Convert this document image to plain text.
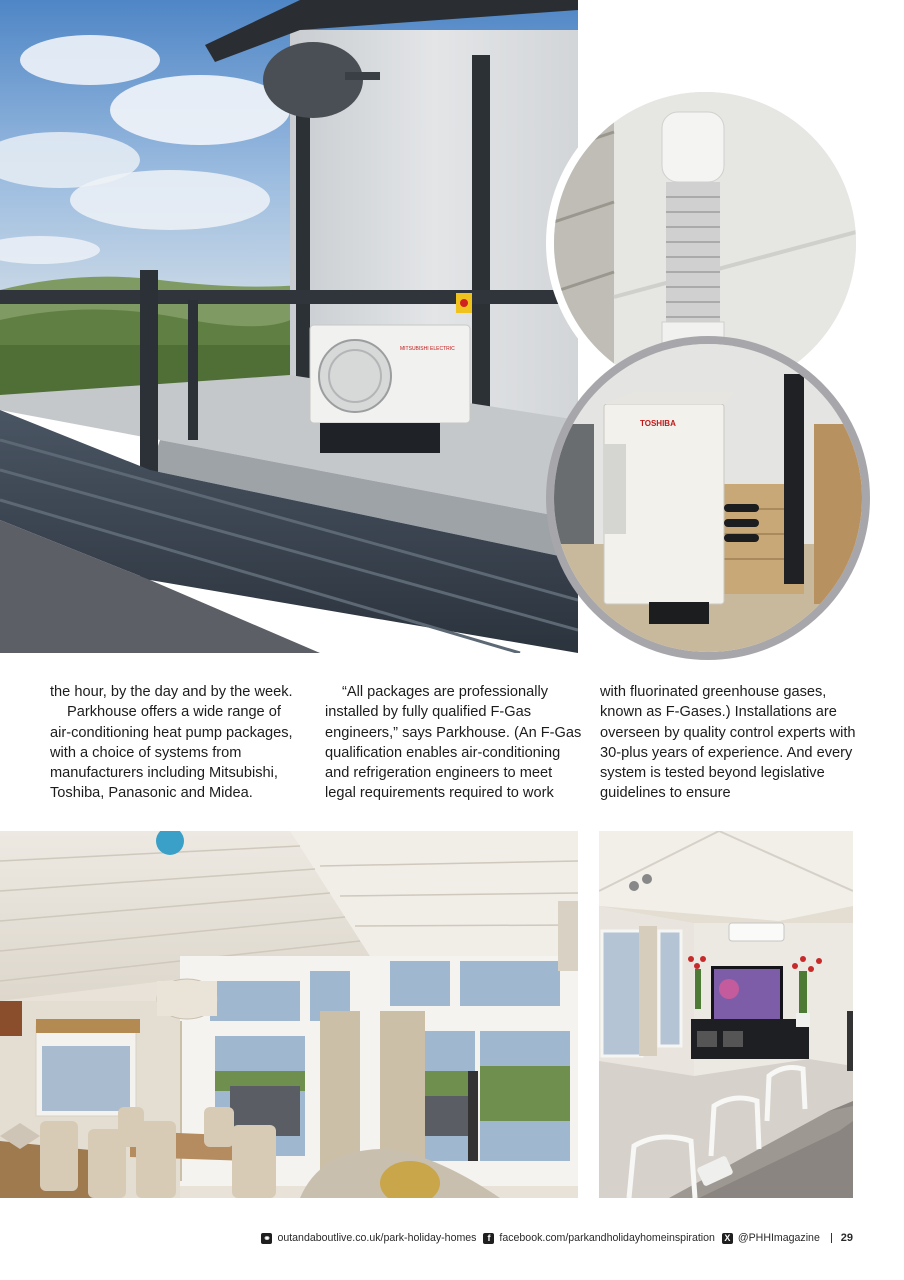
MITSUBISHI ELECTRIC
TOSHIBA

the hour, by the day and by the week.

Parkhouse offers a wide range of air-conditioning heat pump packages, with a choice of systems from manufacturers including Mitsubishi, Toshiba, Panasonic and Midea.

“All packages are professionally installed by fully qualified F-Gas engineers,” says Parkhouse. (An F-Gas qualification enables air-conditioning and refrigeration engineers to meet legal requirements required to work

with fluorinated greenhouse gases, known as F-Gases.) Installations are overseen by quality control experts with 30-plus years of experience. And every system is tested beyond legislative guidelines to ensure

⚭ outandaboutlive.co.uk/park-holiday-homes f facebook.com/parkandholidayhomeinspiration X @PHHImagazine 29
